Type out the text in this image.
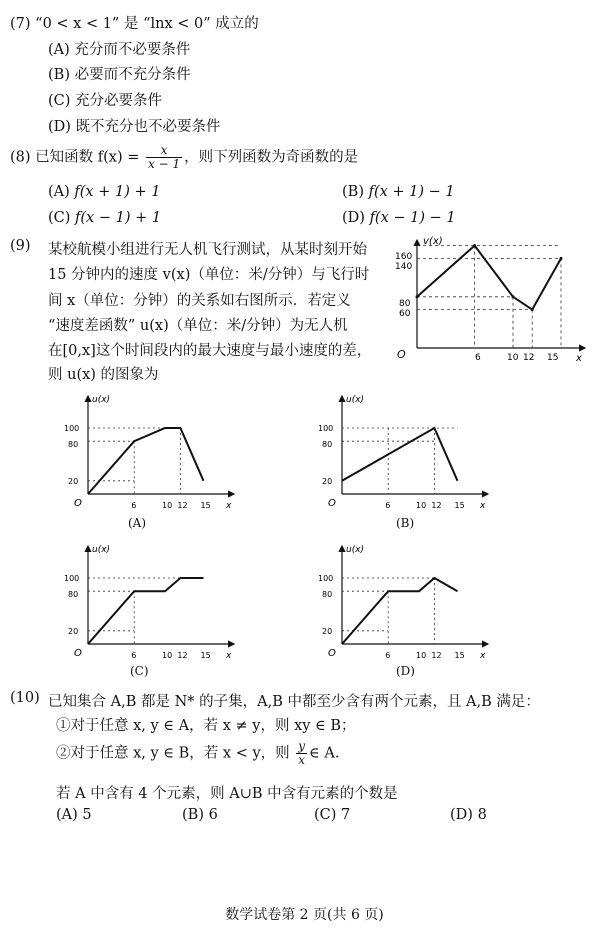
(7) “0 < x < 1” 是 “lnx < 0” 成立的
(A) 充分而不必要条件
(B) 必要而不充分条件
(C) 充分必要条件
(D) 既不充分也不必要条件
(8) 已知函数 $f(x) = \frac{x}{x - 1}$ ，则下列函数为奇函数的是
(A) f(x + 1) + 1	(B) f(x + 1) − 1
(C) f(x − 1) + 1	(D) f(x − 1) − 1
(9) 某校航模小组进行无人机飞行测试，从某时刻开始
15 分钟内的速度 v(x)（单位：米/分钟）与飞行时
间 x（单位：分钟）的关系如右图所示．若定义
“速度差函数” u(x)（单位：米/分钟）为无人机
在[0,x]这个时间段内的最大速度与最小速度的差，
则 u(x) 的图象为
v(x)
O	x
160
140
80
60
6	10 12 15
u(x)
O	x
100
80
20
6	10 12 15
u(x)
O	x
100
80
20
6	10 12 15
u(x)
O	x
100
80
20
6	10 12 15
u(x)
O	x
100
80
20
6	10 12 15
(A)	(B)
(C)	(D)
(10) 已知集合 A,B 都是 N* 的子集，A,B 中都至少含有两个元素，且 A,B 满足：
①对于任意 x, y ∈ A，若 x ≠ y，则 xy ∈ B；
②对于任意 x, y ∈ B，若 x < y，则 $\frac{y}{x}$ ∈ A.
若 A 中含有 4 个元素，则 A∪B 中含有元素的个数是
(A) 5	(B) 6	(C) 7	(D) 8
数学试卷第 2 页(共 6 页)
